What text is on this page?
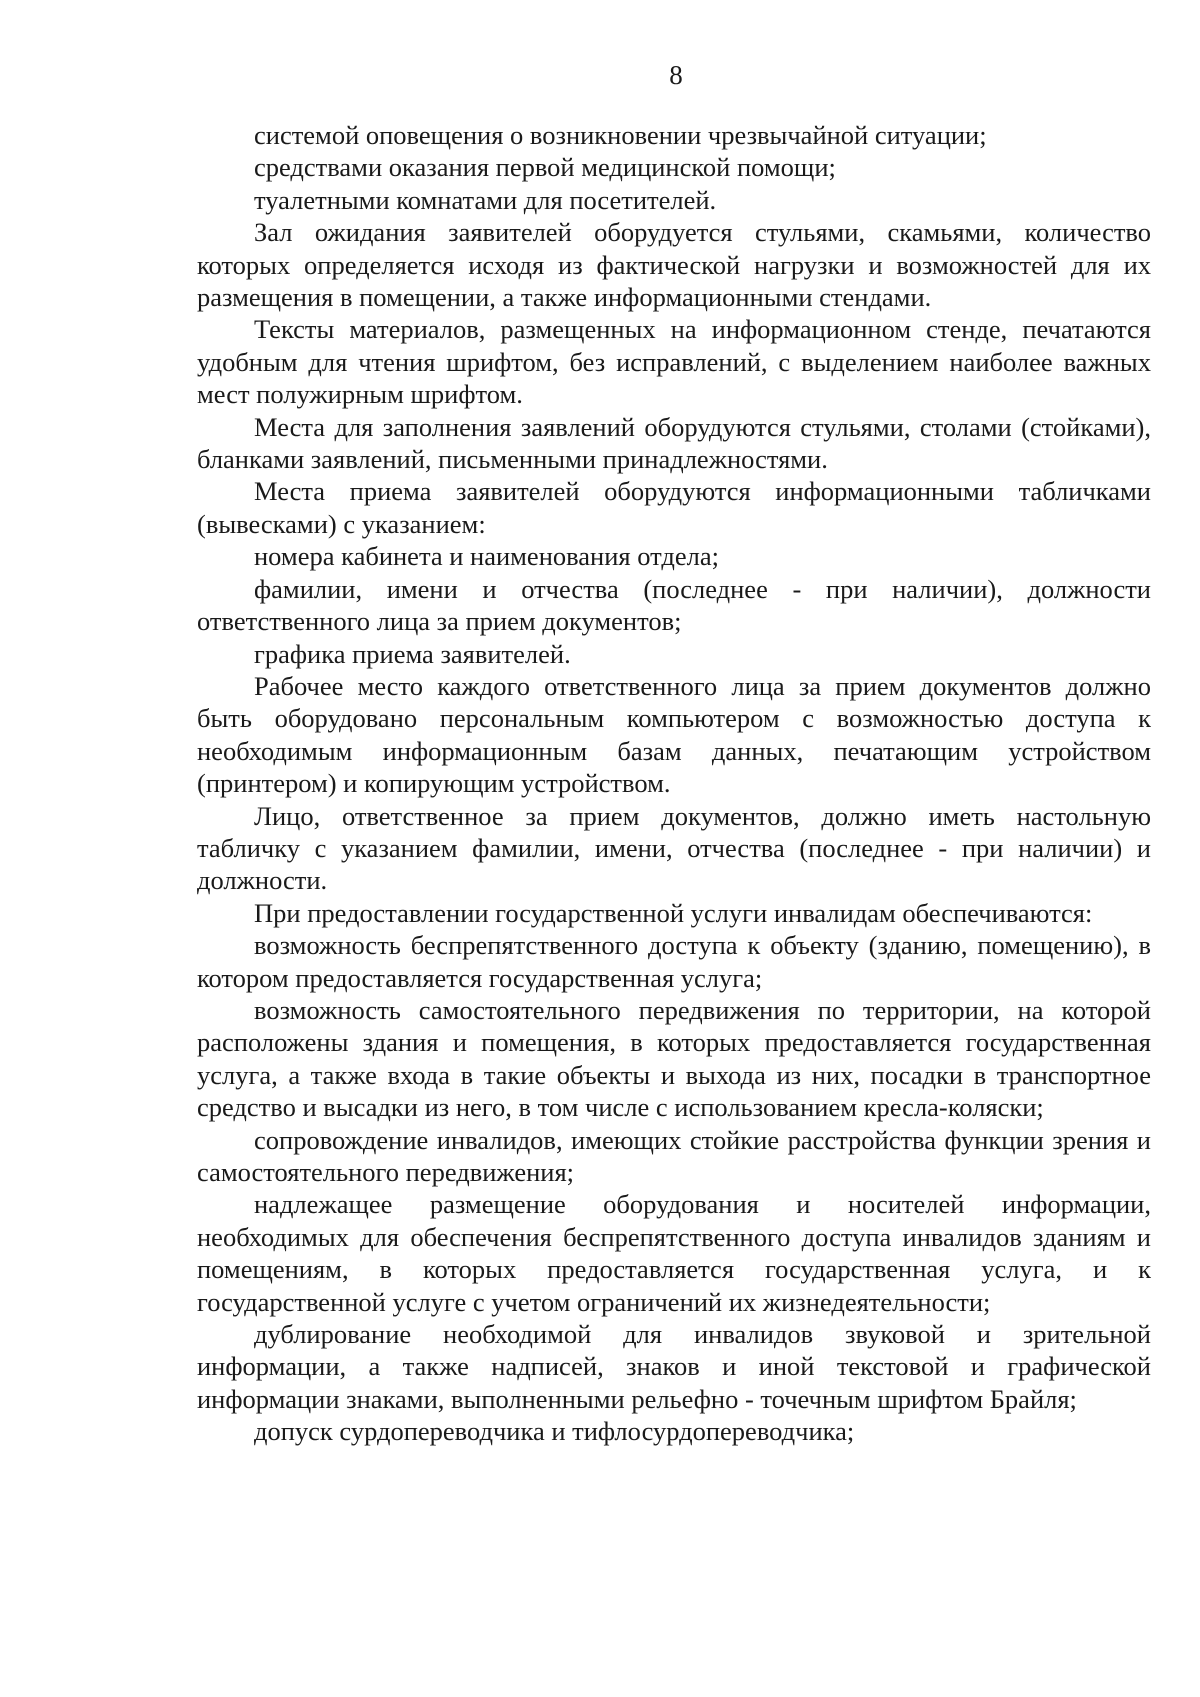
8

системой оповещения о возникновении чрезвычайной ситуации;

средствами оказания первой медицинской помощи;

туалетными комнатами для посетителей.

Зал ожидания заявителей оборудуется стульями, скамьями, количество которых определяется исходя из фактической нагрузки и возможностей для их размещения в помещении, а также информационными стендами.

Тексты материалов, размещенных на информационном стенде, печатаются удобным для чтения шрифтом, без исправлений, с выделением наиболее важных мест полужирным шрифтом.

Места для заполнения заявлений оборудуются стульями, столами (стойками), бланками заявлений, письменными принадлежностями.

Места приема заявителей оборудуются информационными табличками (вывесками) с указанием:

номера кабинета и наименования отдела;

фамилии, имени и отчества (последнее - при наличии), должности ответственного лица за прием документов;

графика приема заявителей.

Рабочее место каждого ответственного лица за прием документов должно быть оборудовано персональным компьютером с возможностью доступа к необходимым информационным базам данных, печатающим устройством (принтером) и копирующим устройством.

Лицо, ответственное за прием документов, должно иметь настольную табличку с указанием фамилии, имени, отчества (последнее - при наличии) и должности.

При предоставлении государственной услуги инвалидам обеспечиваются:

возможность беспрепятственного доступа к объекту (зданию, помещению), в котором предоставляется государственная услуга;

возможность самостоятельного передвижения по территории, на которой расположены здания и помещения, в которых предоставляется государственная услуга, а также входа в такие объекты и выхода из них, посадки в транспортное средство и высадки из него, в том числе с использованием кресла-коляски;

сопровождение инвалидов, имеющих стойкие расстройства функции зрения и самостоятельного передвижения;

надлежащее размещение оборудования и носителей информации, необходимых для обеспечения беспрепятственного доступа инвалидов зданиям и помещениям, в которых предоставляется государственная услуга, и к государственной услуге с учетом ограничений их жизнедеятельности;

дублирование необходимой для инвалидов звуковой и зрительной информации, а также надписей, знаков и иной текстовой и графической информации знаками, выполненными рельефно - точечным шрифтом Брайля;

допуск сурдопереводчика и тифлосурдопереводчика;
